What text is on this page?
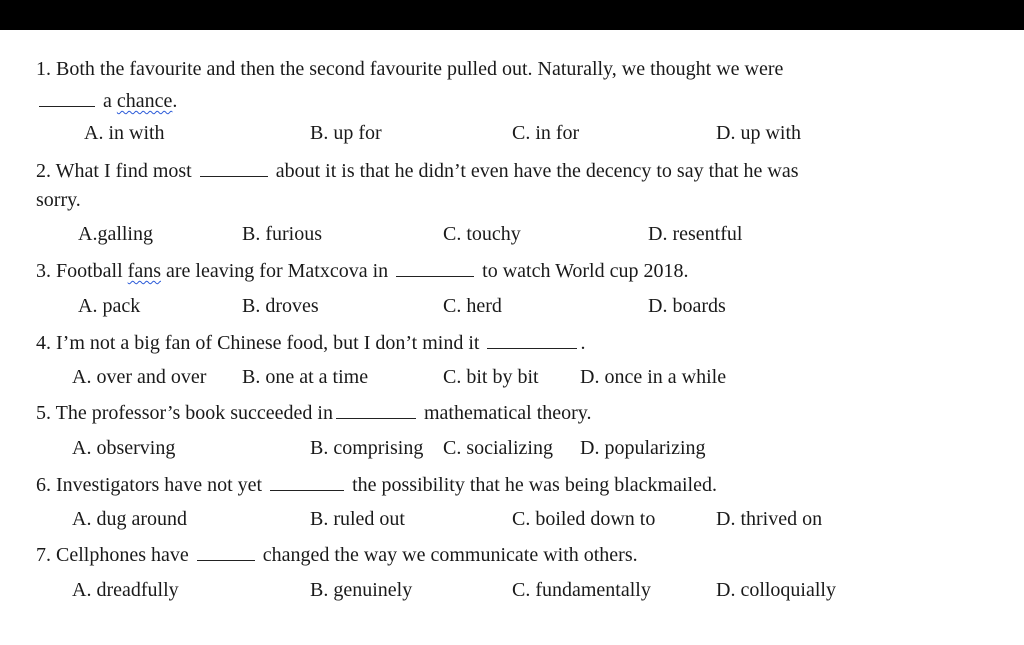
1. Both the favourite and then the second favourite pulled out. Naturally, we thought we were
a chance.
A. in with	B. up for	C. in for	D. up with
2. What I find most	about it is that he didn’t even have the decency to say that he was
sorry.
A.galling	B. furious	C. touchy	D. resentful
3. Football fans are leaving for Matxcova in	to watch World cup 2018.
A. pack	B. droves	C. herd	D. boards
4. I’m not a big fan of Chinese food, but I don’t mind it	.
A. over and over B. one at a time	C. bit by bit D. once in a while
5. The professor’s book succeeded in	mathematical theory.
A. observing	B. comprising C. socializing D. popularizing
6. Investigators have not yet	the possibility that he was being blackmailed.
A. dug around	B. ruled out	C. boiled down to	D. thrived on
7. Cellphones have	changed the way we communicate with others.
A. dreadfully	B. genuinely	C. fundamentally	D. colloquially
